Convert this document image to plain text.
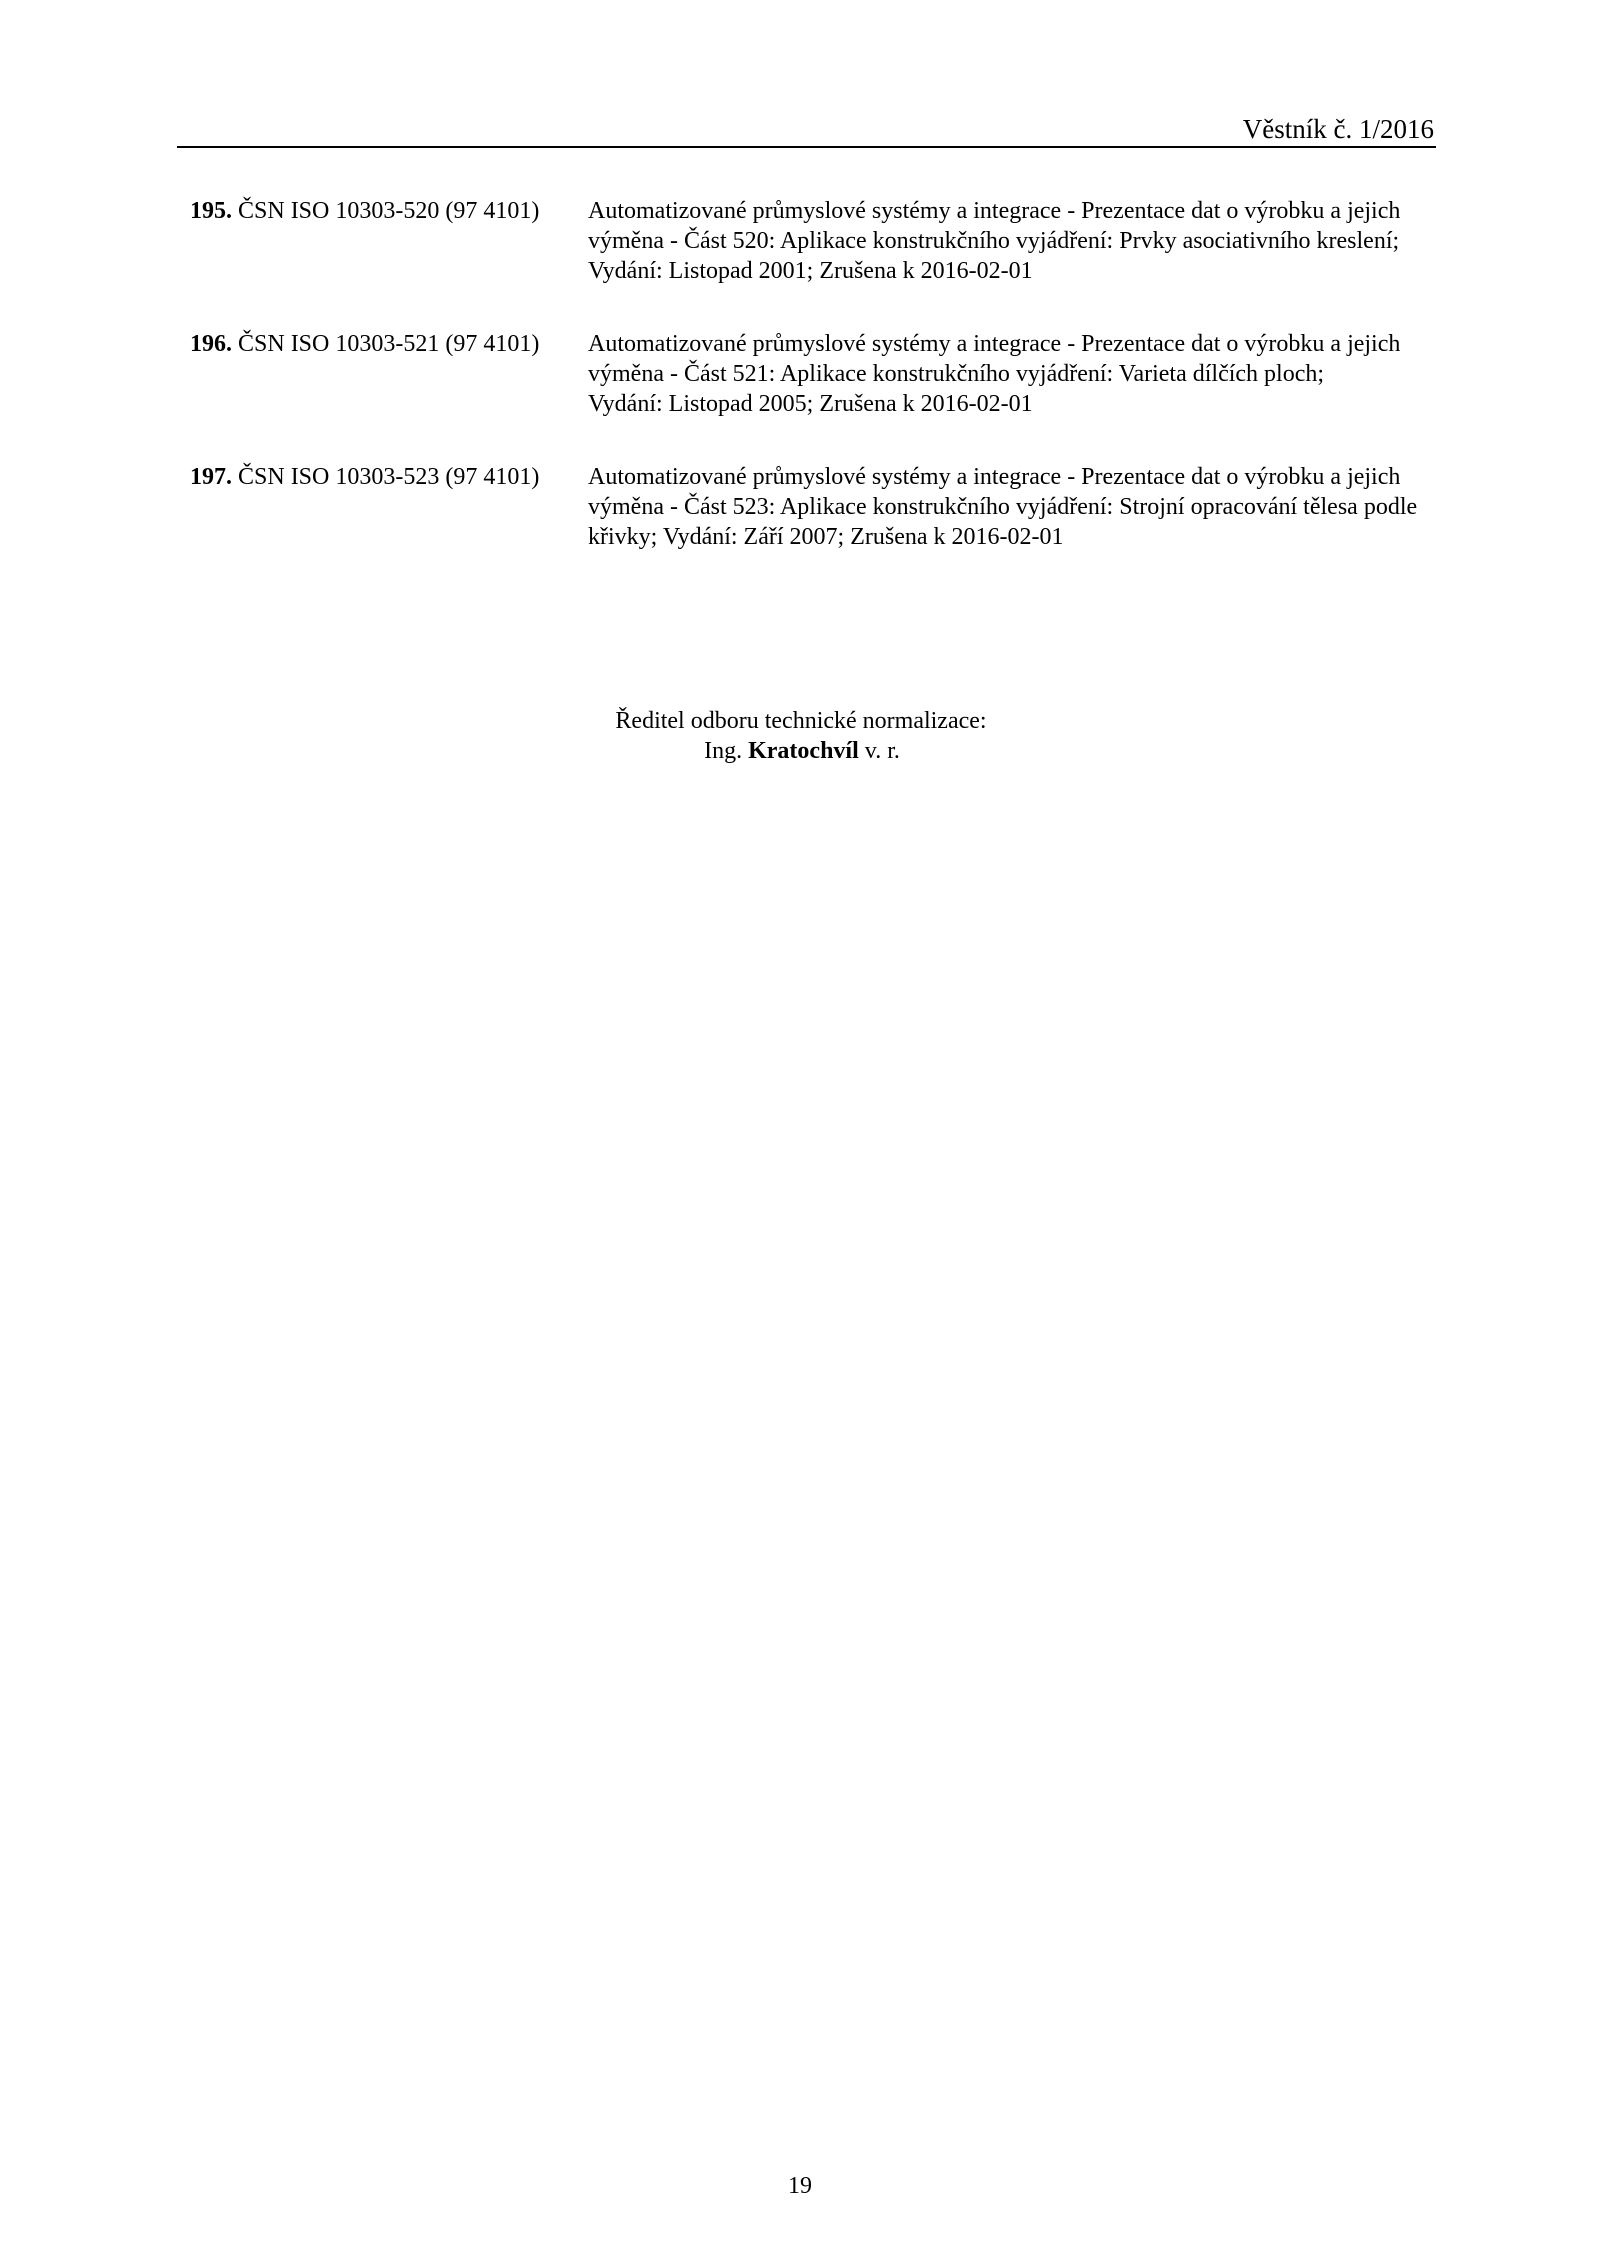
Věstník č. 1/2016
195. ČSN ISO 10303-520 (97 4101) Automatizované průmyslové systémy a integrace - Prezentace dat o výrobku a jejich
výměna - Část 520: Aplikace konstrukčního vyjádření: Prvky asociativního kreslení;
Vydání: Listopad 2001; Zrušena k 2016-02-01
196. ČSN ISO 10303-521 (97 4101) Automatizované průmyslové systémy a integrace - Prezentace dat o výrobku a jejich
výměna - Část 521: Aplikace konstrukčního vyjádření: Varieta dílčích ploch;
Vydání: Listopad 2005; Zrušena k 2016-02-01
197. ČSN ISO 10303-523 (97 4101) Automatizované průmyslové systémy a integrace - Prezentace dat o výrobku a jejich
výměna - Část 523: Aplikace konstrukčního vyjádření: Strojní opracování tělesa podle
křivky; Vydání: Září 2007; Zrušena k 2016-02-01
Ředitel odboru technické normalizace:
Ing. Kratochvíl v. r.
19
